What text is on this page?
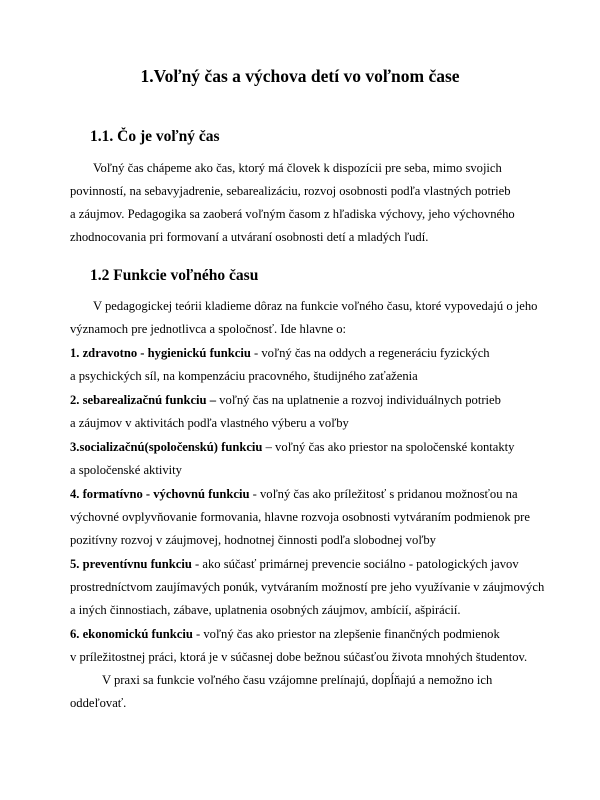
1.Voľný čas a výchova detí vo voľnom čase
1.1. Čo je voľný čas
Voľný čas chápeme ako čas, ktorý má človek k dispozícii pre seba, mimo svojich
povinností, na sebavyjadrenie, sebarealizáciu, rozvoj osobnosti podľa vlastných potrieb
a záujmov. Pedagogika sa zaoberá voľným časom z hľadiska výchovy, jeho výchovného
zhodnocovania pri formovaní a utváraní osobnosti detí a mladých ľudí.
1.2 Funkcie voľného času
V pedagogickej teórii kladieme dôraz na funkcie voľného času, ktoré vypovedajú o jeho
významoch pre jednotlivca a spoločnosť. Ide hlavne o:
1. zdravotno - hygienickú funkciu - voľný čas na oddych a regeneráciu fyzických
a psychických síl, na kompenzáciu pracovného, študijného zaťaženia
2. sebarealizačnú funkciu – voľný čas na uplatnenie a rozvoj individuálnych potrieb
a záujmov v aktivitách podľa vlastného výberu a voľby
3.socializačnú(spoločenskú) funkciu – voľný čas ako priestor na spoločenské kontakty
a spoločenské aktivity
4. formatívno - výchovnú funkciu - voľný čas ako príležitosť s pridanou možnosťou na
výchovné ovplyvňovanie formovania, hlavne rozvoja osobnosti vytváraním podmienok pre
pozitívny rozvoj v záujmovej, hodnotnej činnosti podľa slobodnej voľby
5. preventívnu funkciu - ako súčasť primárnej prevencie sociálno - patologických javov
prostredníctvom zaujímavých ponúk, vytváraním možností pre jeho využívanie v záujmových
a iných činnostiach, zábave, uplatnenia osobných záujmov, ambícií, ašpirácií.
6. ekonomickú funkciu - voľný čas ako priestor na zlepšenie finančných podmienok
v príležitostnej práci, ktorá je v súčasnej dobe bežnou súčasťou života mnohých študentov.
V praxi sa funkcie voľného času vzájomne prelínajú, dopĺňajú a nemožno ich
oddeľovať.
